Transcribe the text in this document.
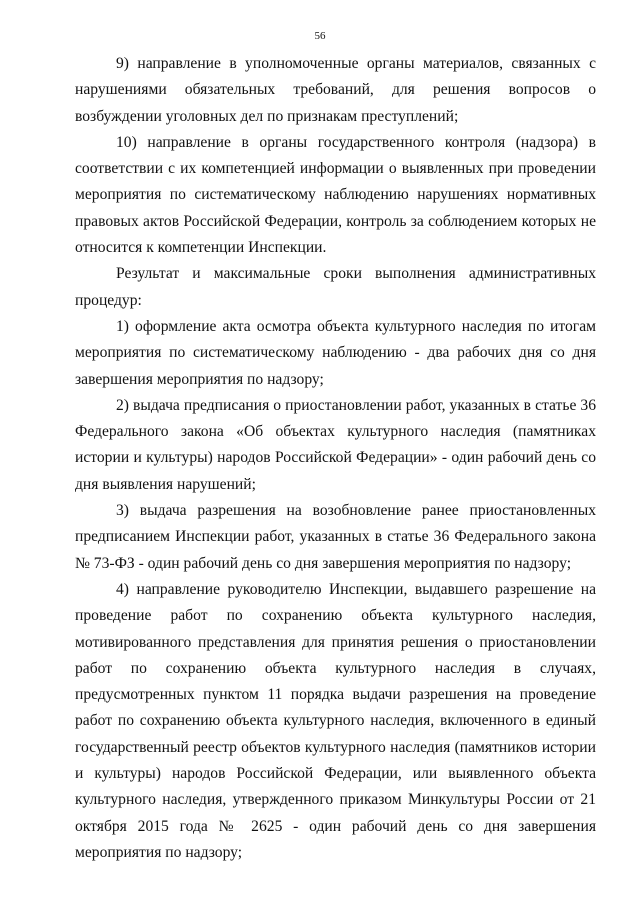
56

9) направление в уполномоченные органы материалов, связанных с нарушениями обязательных требований, для решения вопросов о возбуждении уголовных дел по признакам преступлений;

10) направление в органы государственного контроля (надзора) в соответствии с их компетенцией информации о выявленных при проведении мероприятия по систематическому наблюдению нарушениях нормативных правовых актов Российской Федерации, контроль за соблюдением которых не относится к компетенции Инспекции.

Результат и максимальные сроки выполнения административных процедур:

1) оформление акта осмотра объекта культурного наследия по итогам мероприятия по систематическому наблюдению - два рабочих дня со дня завершения мероприятия по надзору;

2) выдача предписания о приостановлении работ, указанных в статье 36 Федерального закона «Об объектах культурного наследия (памятниках истории и культуры) народов Российской Федерации» - один рабочий день со дня выявления нарушений;

3) выдача разрешения на возобновление ранее приостановленных предписанием Инспекции работ, указанных в статье 36 Федерального закона № 73-ФЗ - один рабочий день со дня завершения мероприятия по надзору;

4) направление руководителю Инспекции, выдавшего разрешение на проведение работ по сохранению объекта культурного наследия, мотивированного представления для принятия решения о приостановлении работ по сохранению объекта культурного наследия в случаях, предусмотренных пунктом 11 порядка выдачи разрешения на проведение работ по сохранению объекта культурного наследия, включенного в единый государственный реестр объектов культурного наследия (памятников истории и культуры) народов Российской Федерации, или выявленного объекта культурного наследия, утвержденного приказом Минкультуры России от 21 октября 2015 года № 2625 - один рабочий день со дня завершения мероприятия по надзору;
